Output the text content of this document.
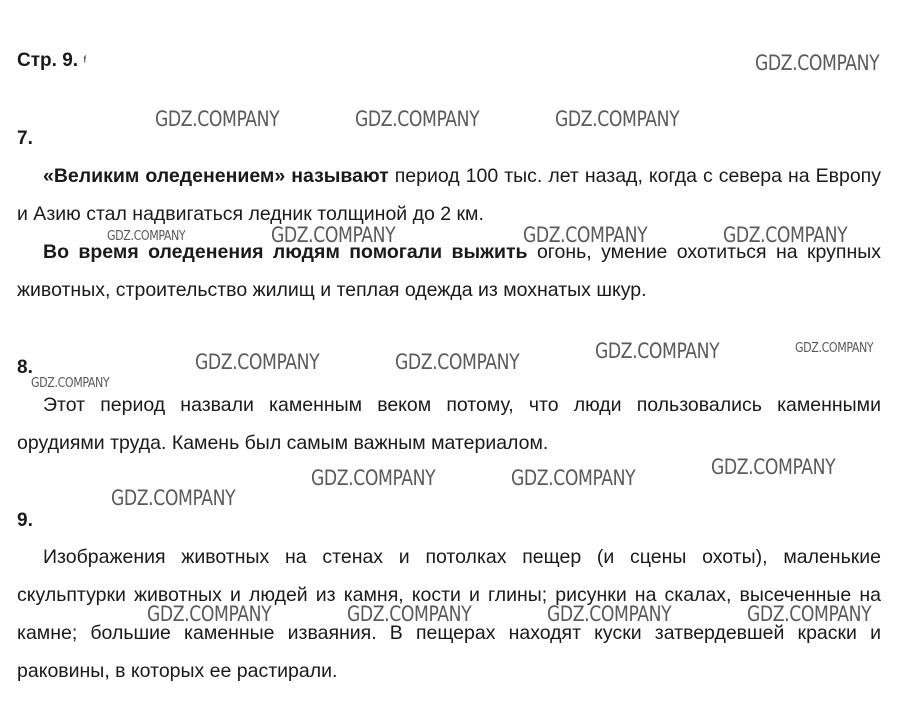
Стр. 9. $^ᶠ$
7.
«Великим оледенением» называют период 100 тыс. лет назад, когда с севера на Европу и Азию стал надвигаться ледник толщиной до 2 км.
Во время оледенения людям помогали выжить огонь, умение охотиться на крупных животных, строительство жилищ и теплая одежда из мохнатых шкур.
8.
Этот период назвали каменным веком потому, что люди пользовались каменными орудиями труда. Камень был самым важным материалом.
9.
Изображения животных на стенах и потолках пещер (и сцены охоты), маленькие скульптурки животных и людей из камня, кости и глины; рисунки на скалах, высеченные на камне; большие каменные изваяния. В пещерах находят куски затвердевшей краски и раковины, в которых ее растирали.
GDZ.COMPANY
GDZ.COMPANY	GDZ.COMPANY	GDZ.COMPANY
GDZ.COMPANY	GDZ.COMPANY	GDZ.COMPANY	GDZ.COMPANY
GDZ.COMPANY	GDZ.COMPANY	GDZ.COMPANY	GDZ.COMPANY
GDZ.COMPANY
GDZ.COMPANY	GDZ.COMPANY	GDZ.COMPANY
GDZ.COMPANY
GDZ.COMPANY	GDZ.COMPANY	GDZ.COMPANY	GDZ.COMPANY
